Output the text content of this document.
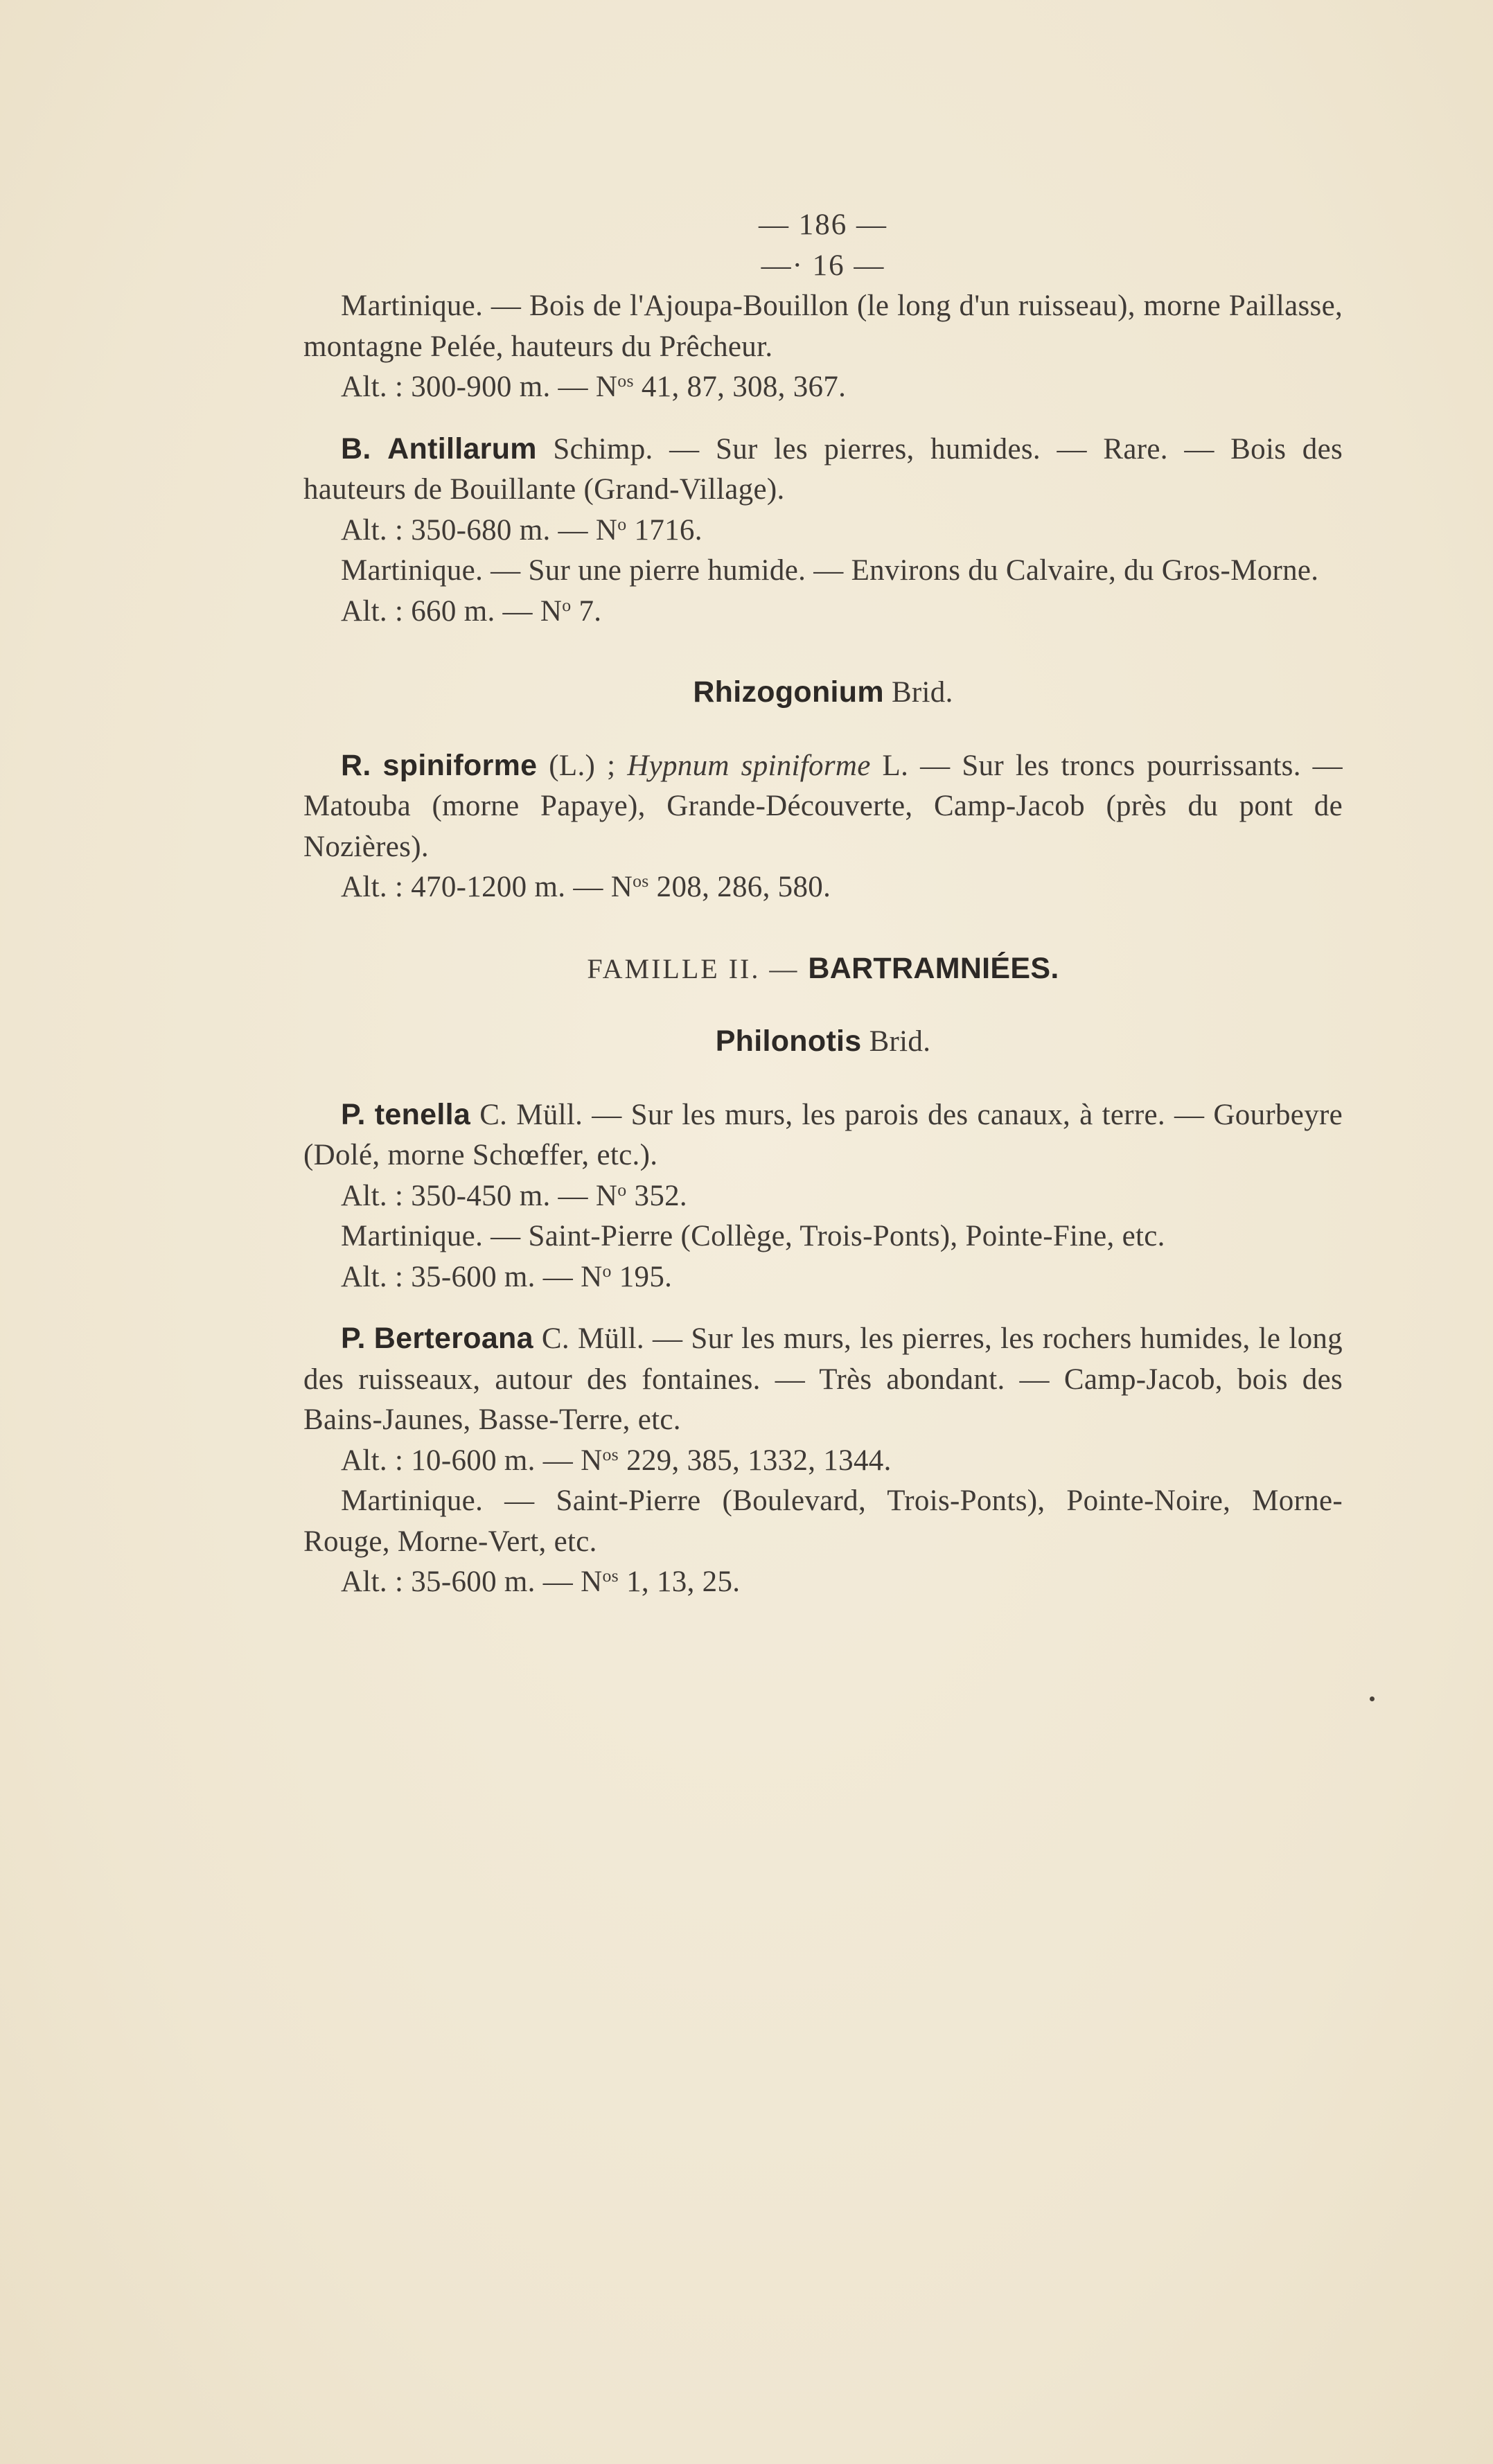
— 186 —
—· 16 —

Martinique. — Bois de l'Ajoupa-Bouillon (le long d'un ruisseau), morne Paillasse, montagne Pelée, hauteurs du Prêcheur.

Alt. : 300-900 m. — $N^{os}$ 41, 87, 308, 367.

B. Antillarum Schimp. — Sur les pierres, humides. — Rare. — Bois des hauteurs de Bouillante (Grand-Village).

Alt. : 350-680 m. — $N^o$ 1716.

Martinique. — Sur une pierre humide. — Environs du Calvaire, du Gros-Morne.

Alt. : 660 m. — $N^o$ 7.

Rhizogonium Brid.

R. spiniforme (L.) ; Hypnum spiniforme L. — Sur les troncs pourrissants. — Matouba (morne Papaye), Grande-Découverte, Camp-Jacob (près du pont de Nozières).

Alt. : 470-1200 m. — $N^{os}$ 208, 286, 580.

FAMILLE II. — BARTRAMNIÉES.
Philonotis Brid.

P. tenella C. Müll. — Sur les murs, les parois des canaux, à terre. — Gourbeyre (Dolé, morne Schœffer, etc.).

Alt. : 350-450 m. — $N^o$ 352.

Martinique. — Saint-Pierre (Collège, Trois-Ponts), Pointe-Fine, etc.

Alt. : 35-600 m. — $N^o$ 195.

P. Berteroana C. Müll. — Sur les murs, les pierres, les rochers humides, le long des ruisseaux, autour des fontaines. — Très abondant. — Camp-Jacob, bois des Bains-Jaunes, Basse-Terre, etc.

Alt. : 10-600 m. — $N^{os}$ 229, 385, 1332, 1344.

Martinique. — Saint-Pierre (Boulevard, Trois-Ponts), Pointe-Noire, Morne-Rouge, Morne-Vert, etc.

Alt. : 35-600 m. — $N^{os}$ 1, 13, 25.
